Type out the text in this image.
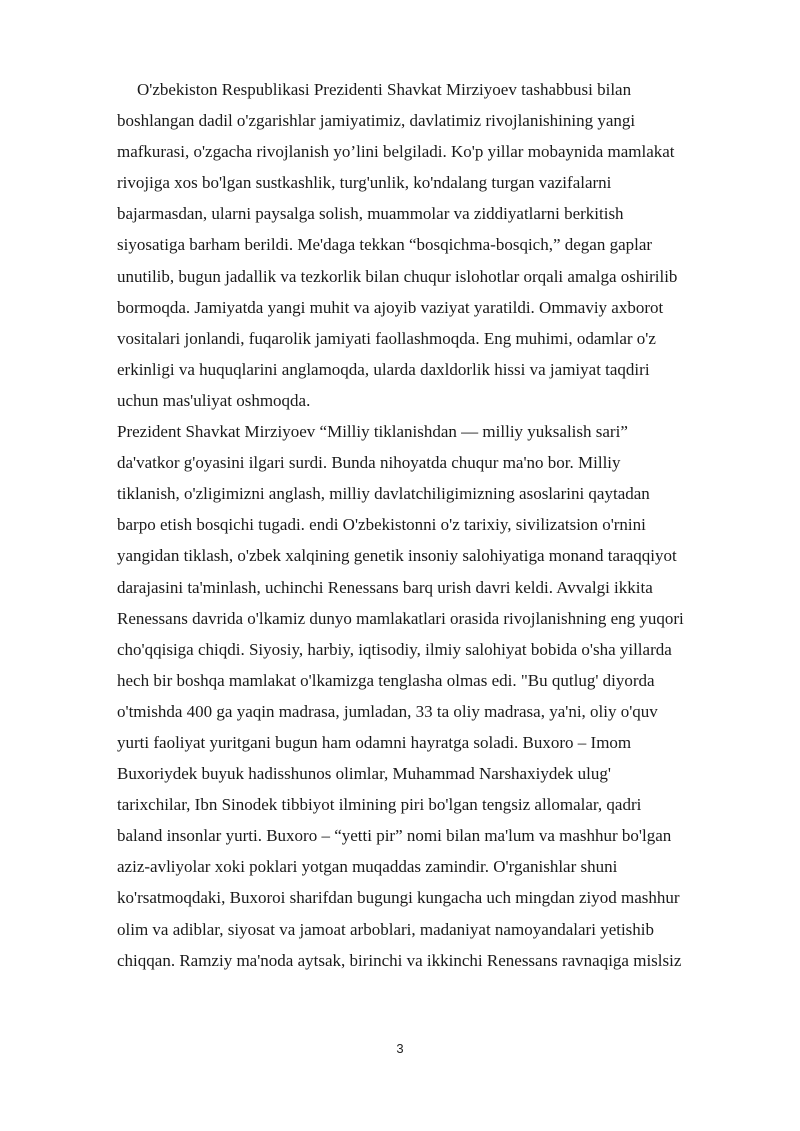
O'zbekiston Respublikasi Prezidenti Shavkat Mirziyoev tashabbusi bilan
boshlangan dadil o'zgarishlar jamiyatimiz, davlatimiz rivojlanishining yangi
mafkurasi, o'zgacha rivojlanish yo’lini belgiladi. Ko'p yillar mobaynida mamlakat
rivojiga xos bo'lgan sustkashlik, turg'unlik, ko'ndalang turgan vazifalarni
bajarmasdan, ularni paysalga solish, muammolar va ziddiyatlarni berkitish
siyosatiga barham berildi. Me'daga tekkan “bosqichma-bosqich,” degan gaplar
unutilib, bugun jadallik va tezkorlik bilan chuqur islohotlar orqali amalga oshirilib
bormoqda. Jamiyatda yangi muhit va ajoyib vaziyat yaratildi. Ommaviy axborot
vositalari jonlandi, fuqarolik jamiyati faollashmoqda. Eng muhimi, odamlar o'z
erkinligi va huquqlarini anglamoqda, ularda daxldorlik hissi va jamiyat taqdiri
uchun mas'uliyat oshmoqda.
Prezident Shavkat Mirziyoev “Milliy tiklanishdan — milliy yuksalish sari”
da'vatkor g'oyasini ilgari surdi. Bunda nihoyatda chuqur ma'no bor. Milliy
tiklanish, o'zligimizni anglash, milliy davlatchiligimizning asoslarini qaytadan
barpo etish bosqichi tugadi. endi O'zbekistonni o'z tarixiy, sivilizatsion o'rnini
yangidan tiklash, o'zbek xalqining genetik insoniy salohiyatiga monand taraqqiyot
darajasini ta'minlash, uchinchi Renessans barq urish davri keldi. Avvalgi ikkita
Renessans davrida o'lkamiz dunyo mamlakatlari orasida rivojlanishning eng yuqori
cho'qqisiga chiqdi. Siyosiy, harbiy, iqtisodiy, ilmiy salohiyat bobida o'sha yillarda
hech bir boshqa mamlakat o'lkamizga tenglasha olmas edi. "Bu qutlug' diyorda
o'tmishda 400 ga yaqin madrasa, jumladan, 33 ta oliy madrasa, ya'ni, oliy o'quv
yurti faoliyat yuritgani bugun ham odamni hayratga soladi. Buxoro – Imom
Buxoriydek buyuk hadisshunos olimlar, Muhammad Narshaxiydek ulug'
tarixchilar, Ibn Sinodek tibbiyot ilmining piri bo'lgan tengsiz allomalar, qadri
baland insonlar yurti. Buxoro – “yetti pir” nomi bilan ma'lum va mashhur bo'lgan
aziz-avliyolar xoki poklari yotgan muqaddas zamindir. O'rganishlar shuni
ko'rsatmoqdaki, Buxoroi sharifdan bugungi kungacha uch mingdan ziyod mashhur
olim va adiblar, siyosat va jamoat arboblari, madaniyat namoyandalari yetishib
chiqqan. Ramziy ma'noda aytsak, birinchi va ikkinchi Renessans ravnaqiga mislsiz
3
